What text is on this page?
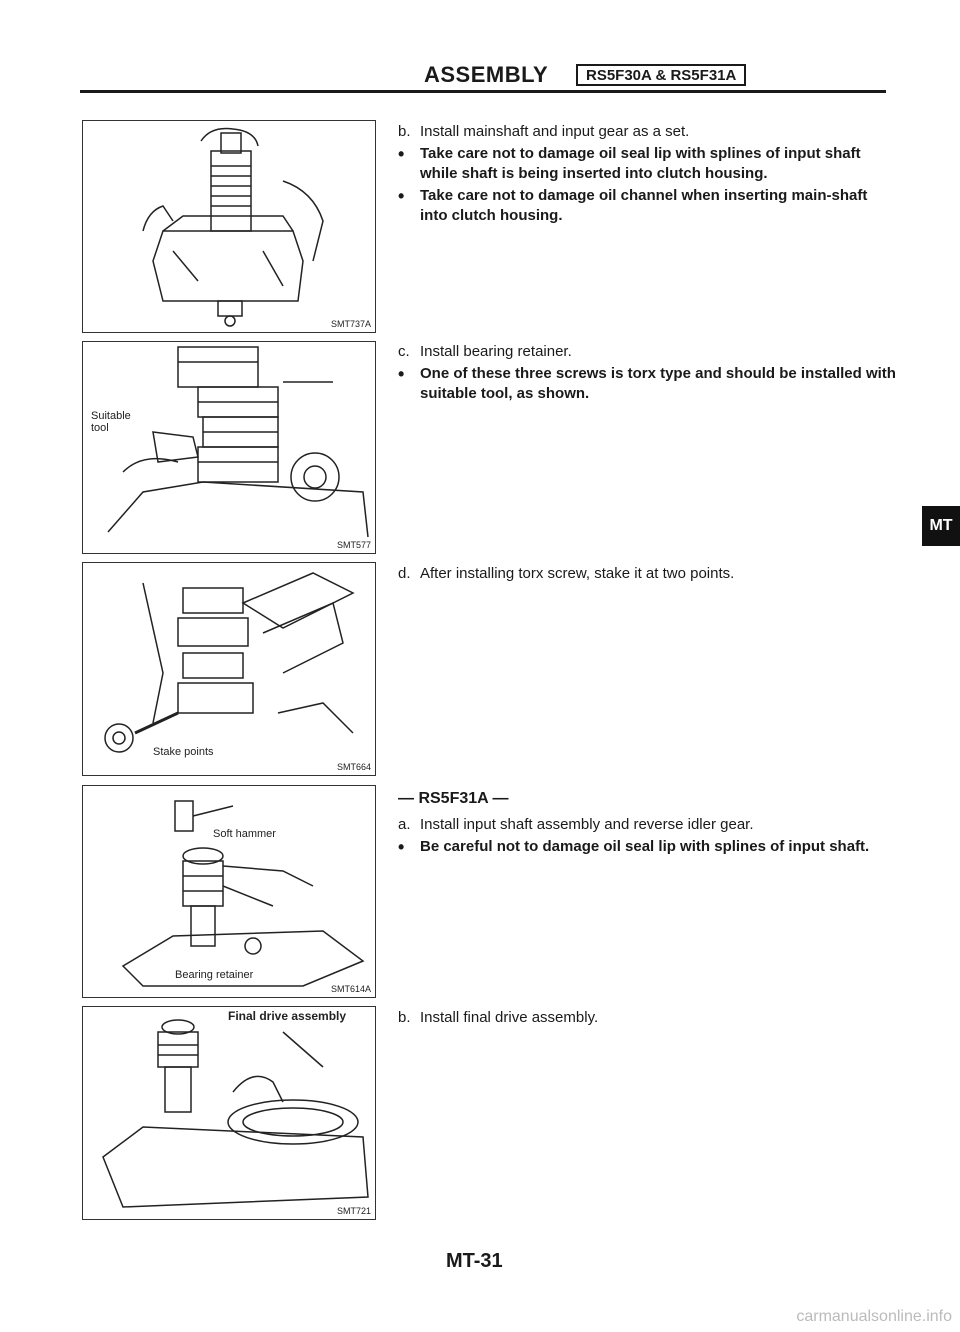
ASSEMBLY	RS5F30A & RS5F31A
SMT737A
Suitable
tool
SMT577
Stake points
SMT664
Soft hammer
Bearing retainer
SMT614A
Final drive assembly
SMT721
b. Install mainshaft and input gear as a set.
•	Take care not to damage oil seal lip with splines of input shaft while shaft is being inserted into clutch housing.
•	Take care not to damage oil channel when inserting main-shaft into clutch housing.
c. Install bearing retainer.
•	One of these three screws is torx type and should be installed with suitable tool, as shown.
d. After installing torx screw, stake it at two points.
— RS5F31A —
a. Install input shaft assembly and reverse idler gear.
•	Be careful not to damage oil seal lip with splines of input shaft.
b. Install final drive assembly.
MT
MT-31
carmanualsonline.info
